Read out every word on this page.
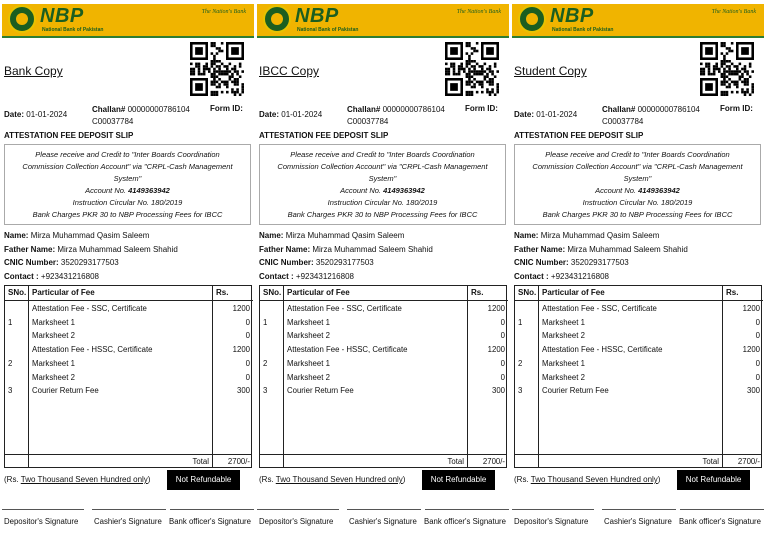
NBP
National Bank of Pakistan
The Nation's Bank
Bank Copy
Date: 01-01-2024
Challan# 00000000786104
C00037784
Form ID:
ATTESTATION FEE DEPOSIT SLIP
Please receive and Credit to "Inter Boards Coordination
Commission Collection Account" via "CRPL-Cash Management
System"
Account No. 4149363942
Instruction Circular No. 180/2019
Bank Charges PKR 30 to NBP Processing Fees for IBCC
Name: Mirza Muhammad Qasim Saleem
Father Name: Mirza Muhammad Saleem Shahid
CNIC Number: 3520293177503
Contact : +923431216808
SNo. Particular of Fee	Rs.
Attestation Fee - SSC, Certificate	1200
1	Marksheet 1	0
Marksheet 2	0
Attestation Fee - HSSC, Certificate	1200
2	Marksheet 1	0
Marksheet 2	0
3	Courier Return Fee	300
Total	2700/-
(Rs. Two Thousand Seven Hundred only)	Not Refundable
Depositor's Signature Cashier's Signature Bank officer's Signature
NBP
National Bank of Pakistan
The Nation's Bank
IBCC Copy
Date: 01-01-2024
Challan# 00000000786104
C00037784
Form ID:
ATTESTATION FEE DEPOSIT SLIP
Please receive and Credit to "Inter Boards Coordination
Commission Collection Account" via "CRPL-Cash Management
System"
Account No. 4149363942
Instruction Circular No. 180/2019
Bank Charges PKR 30 to NBP Processing Fees for IBCC
Name: Mirza Muhammad Qasim Saleem
Father Name: Mirza Muhammad Saleem Shahid
CNIC Number: 3520293177503
Contact : +923431216808
SNo. Particular of Fee	Rs.
Attestation Fee - SSC, Certificate	1200
1	Marksheet 1	0
Marksheet 2	0
Attestation Fee - HSSC, Certificate	1200
2	Marksheet 1	0
Marksheet 2	0
3	Courier Return Fee	300
Total	2700/-
(Rs. Two Thousand Seven Hundred only)	Not Refundable
Depositor's Signature Cashier's Signature Bank officer's Signature
NBP
National Bank of Pakistan
The Nation's Bank
Student Copy
Date: 01-01-2024
Challan# 00000000786104
C00037784
Form ID:
ATTESTATION FEE DEPOSIT SLIP
Please receive and Credit to "Inter Boards Coordination
Commission Collection Account" via "CRPL-Cash Management
System"
Account No. 4149363942
Instruction Circular No. 180/2019
Bank Charges PKR 30 to NBP Processing Fees for IBCC
Name: Mirza Muhammad Qasim Saleem
Father Name: Mirza Muhammad Saleem Shahid
CNIC Number: 3520293177503
Contact : +923431216808
SNo. Particular of Fee	Rs.
Attestation Fee - SSC, Certificate	1200
1	Marksheet 1	0
Marksheet 2	0
Attestation Fee - HSSC, Certificate	1200
2	Marksheet 1	0
Marksheet 2	0
3	Courier Return Fee	300
Total	2700/-
(Rs. Two Thousand Seven Hundred only)	Not Refundable
Depositor's Signature Cashier's Signature Bank officer's Signature
